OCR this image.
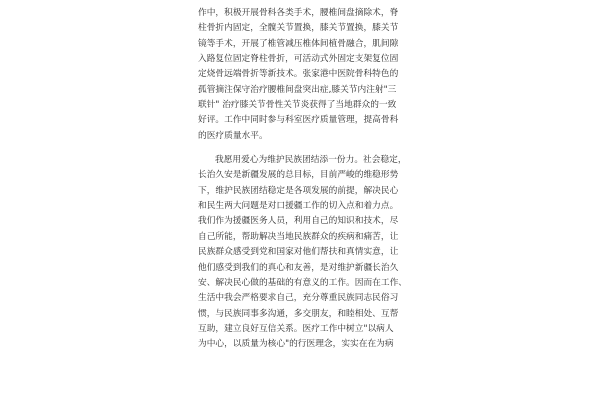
作中，积极开展骨科各类手术，腰椎间盘摘除术，脊
柱骨折内固定，全髋关节置换，膝关节置换，膝关节
镜等手术，开展了椎管减压椎体间植骨融合，肌间隙
入路复位固定脊柱骨折，可活动式外固定支架复位固
定烧骨远端骨折等新技术。张家港中医院骨科特色的
孤管摘注保守治疗腰椎间盘突出症,膝关节内注射"三
联针" 治疗膝关节骨性关节炎获得了当地群众的一致
好评。工作中同时参与科室医疗质量管理，提高骨科
的医疗质量水平。
我愿用爱心为维护民族团结添一份力。社会稳定，
长治久安是新疆发展的总目标，目前严峻的维稳形势
下，维护民族团结稳定是各项发展的前提，解决民心
和民生两大问题是对口援疆工作的切入点和着力点。
我们作为援疆医务人员，利用自己的知识和技术，尽
自己所能，帮助解决当地民族群众的疾病和痛苦，让
民族群众感受到党和国家对他们帮扶和真情实意，让
他们感受到我们的真心和友善，是对维护新疆长治久
安、解决民心做的基础的有意义的工作。因而在工作、
生活中我会严格要求自己，充分尊重民族同志民俗习
惯，与民族同事多沟通，多交朋友，和睦相处、互帮
互助，建立良好互信关系。医疗工作中树立"以病人
为中心，以质量为核心"的行医理念，实实在在为病
